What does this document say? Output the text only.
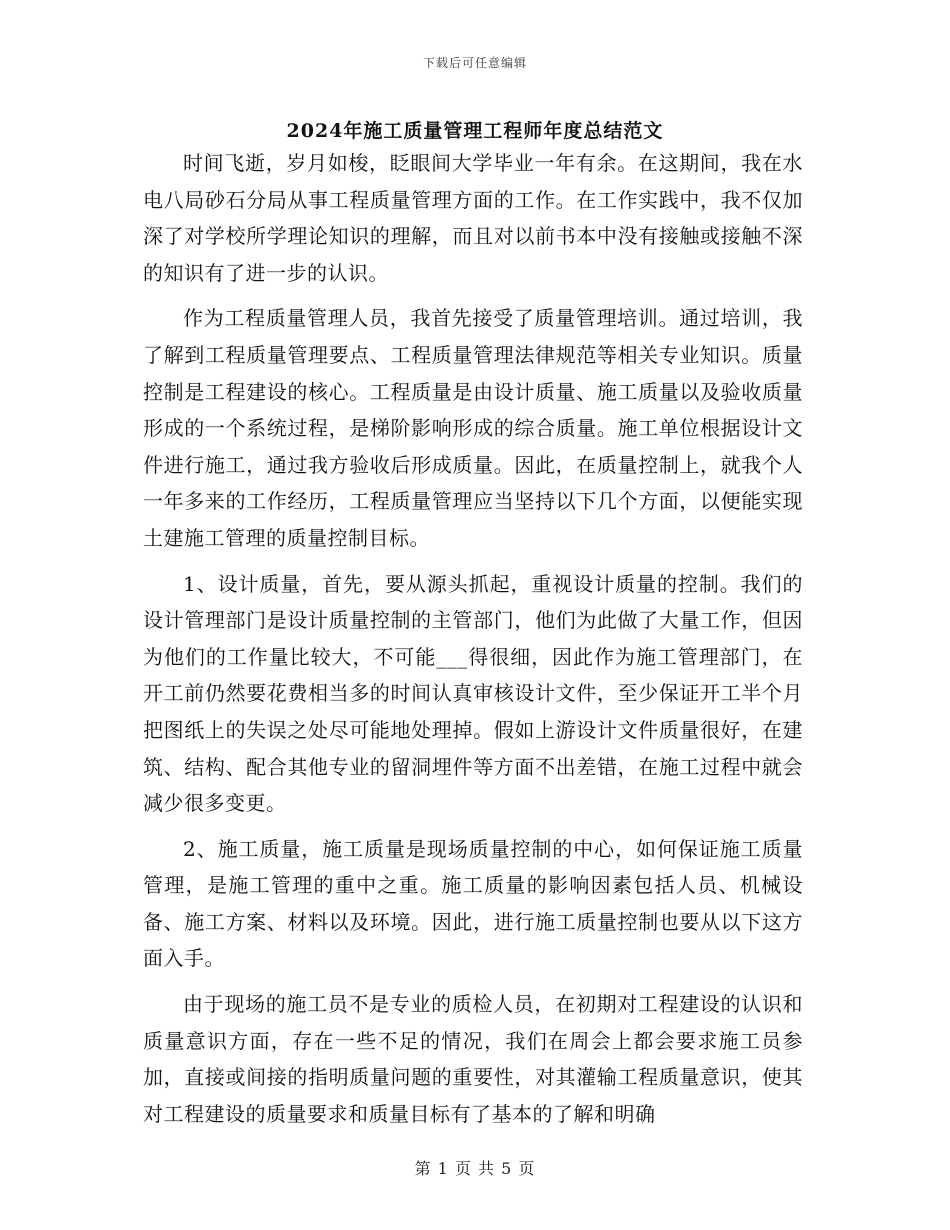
下载后可任意编辑
2024年施工质量管理工程师年度总结范文

时间飞逝，岁月如梭，眨眼间大学毕业一年有余。在这期间，我在水电八局砂石分局从事工程质量管理方面的工作。在工作实践中，我不仅加深了对学校所学理论知识的理解，而且对以前书本中没有接触或接触不深的知识有了进一步的认识。

作为工程质量管理人员，我首先接受了质量管理培训。通过培训，我了解到工程质量管理要点、工程质量管理法律规范等相关专业知识。质量控制是工程建设的核心。工程质量是由设计质量、施工质量以及验收质量形成的一个系统过程，是梯阶影响形成的综合质量。施工单位根据设计文件进行施工，通过我方验收后形成质量。因此，在质量控制上，就我个人一年多来的工作经历，工程质量管理应当坚持以下几个方面，以便能实现土建施工管理的质量控制目标。

1、设计质量，首先，要从源头抓起，重视设计质量的控制。我们的设计管理部门是设计质量控制的主管部门，他们为此做了大量工作，但因为他们的工作量比较大，不可能___得很细，因此作为施工管理部门，在开工前仍然要花费相当多的时间认真审核设计文件，至少保证开工半个月把图纸上的失误之处尽可能地处理掉。假如上游设计文件质量很好，在建筑、结构、配合其他专业的留洞埋件等方面不出差错，在施工过程中就会减少很多变更。

2、施工质量，施工质量是现场质量控制的中心，如何保证施工质量管理，是施工管理的重中之重。施工质量的影响因素包括人员、机械设备、施工方案、材料以及环境。因此，进行施工质量控制也要从以下这方面入手。

由于现场的施工员不是专业的质检人员，在初期对工程建设的认识和质量意识方面，存在一些不足的情况，我们在周会上都会要求施工员参加，直接或间接的指明质量问题的重要性，对其灌输工程质量意识，使其对工程建设的质量要求和质量目标有了基本的了解和明确

第 1 页 共 5 页
